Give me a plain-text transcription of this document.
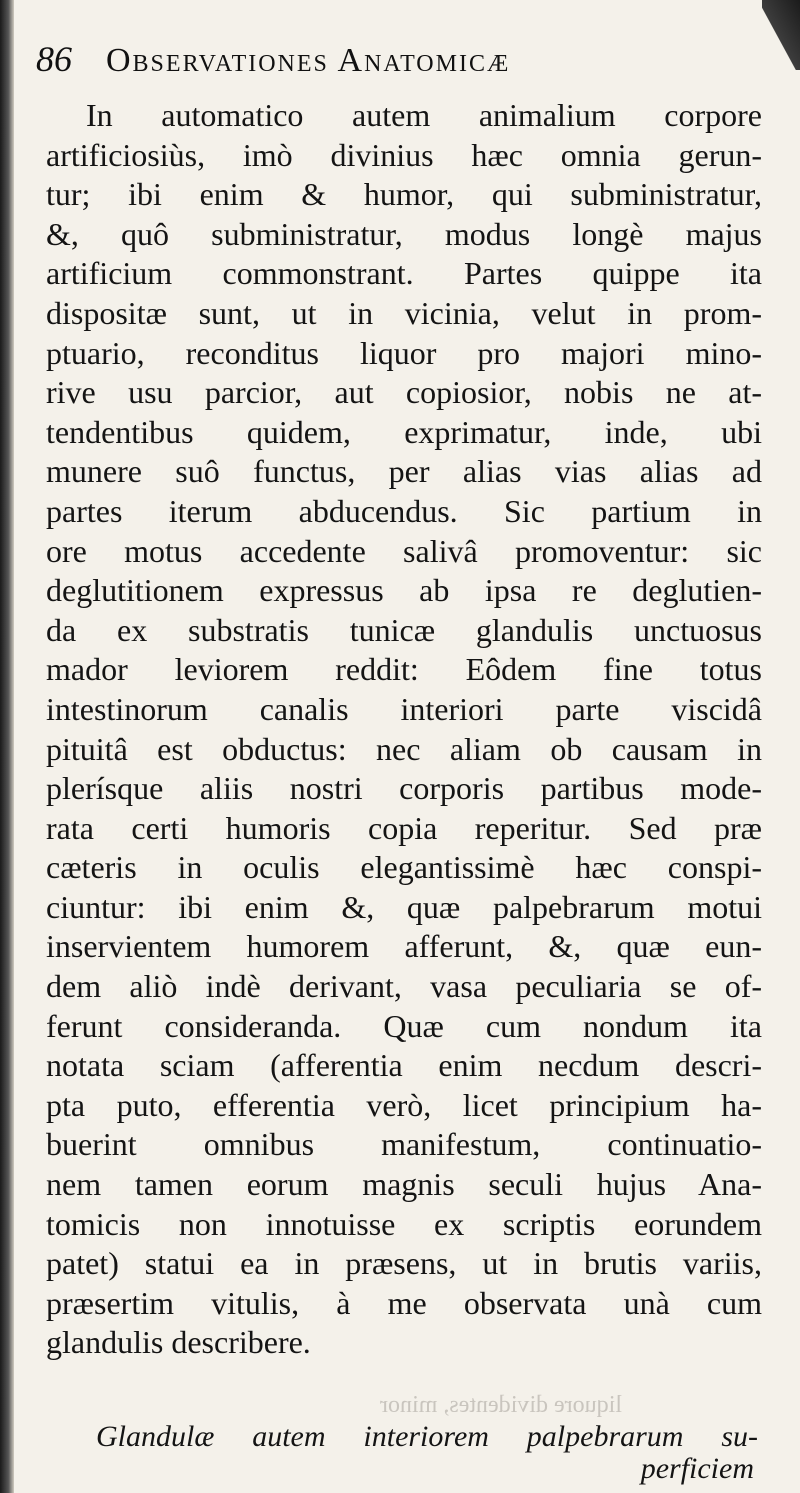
86 Observationes Anatomicæ
In automatico autem animalium corpore
artificiosiùs, imò divinius hæc omnia gerun-
tur; ibi enim & humor, qui subministratur,
&, quô subministratur, modus longè majus
artificium commonstrant. Partes quippe ita
dispositæ sunt, ut in vicinia, velut in prom-
ptuario, reconditus liquor pro majori mino-
rive usu parcior, aut copiosior, nobis ne at-
tendentibus quidem, exprimatur, inde, ubi
munere suô functus, per alias vias alias ad
partes iterum abducendus. Sic partium in
ore motus accedente salivâ promoventur: sic
deglutitionem expressus ab ipsa re deglutien-
da ex substratis tunicæ glandulis unctuosus
mador leviorem reddit: Eôdem fine totus
intestinorum canalis interiori parte viscidâ
pituitâ est obductus: nec aliam ob causam in
plerísque aliis nostri corporis partibus mode-
rata certi humoris copia reperitur. Sed præ
cæteris in oculis elegantissimè hæc conspi-
ciuntur: ibi enim &, quæ palpebrarum motui
inservientem humorem afferunt, &, quæ eun-
dem aliò indè derivant, vasa peculiaria se of-
ferunt consideranda. Quæ cum nondum ita
notata sciam (afferentia enim necdum descri-
pta puto, efferentia verò, licet principium ha-
buerint omnibus manifestum, continuatio-
nem tamen eorum magnis seculi hujus Ana-
tomicis non innotuisse ex scriptis eorundem
patet) statui ea in præsens, ut in brutis variis,
præsertim vitulis, à me observata unà cum
glandulis describere.
liquore dividentes, minor
Glandulæ autem interiorem palpebrarum su-
perficiem
